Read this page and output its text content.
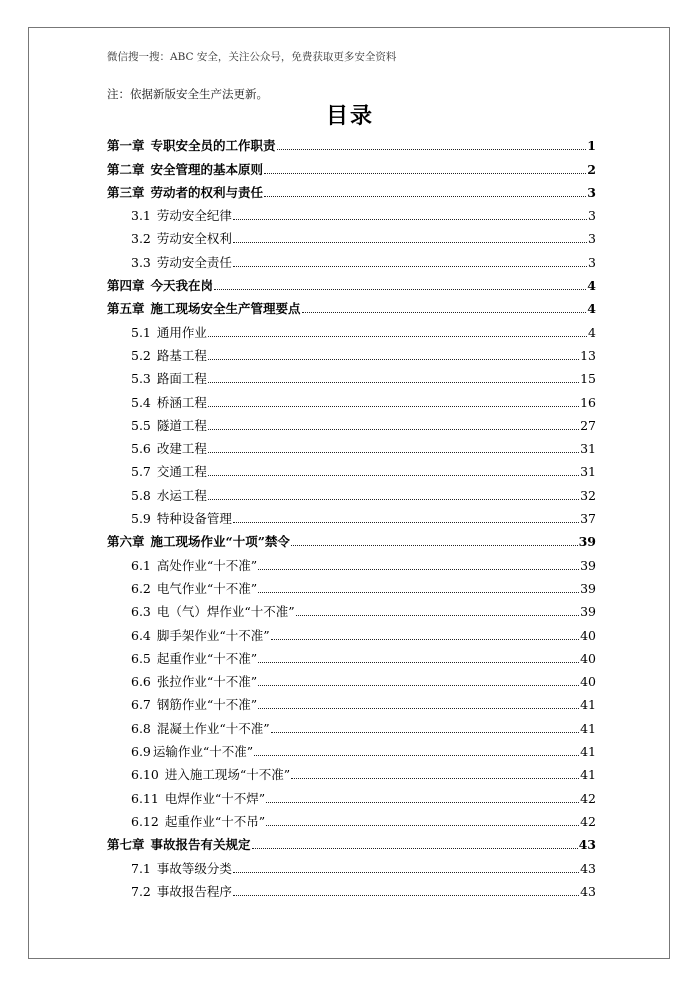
微信搜一搜：ABC 安全，关注公众号，免费获取更多安全资料
注：依据新版安全生产法更新。
目录
第一章 专职安全员的工作职责	1
第二章 安全管理的基本原则	2
第三章 劳动者的权利与责任	3
3.1 劳动安全纪律	3
3.2 劳动安全权利	3
3.3 劳动安全责任	3
第四章 今天我在岗	4
第五章 施工现场安全生产管理要点	4
5.1 通用作业	4
5.2 路基工程	13
5.3 路面工程	15
5.4 桥涵工程	16
5.5 隧道工程	27
5.6 改建工程	31
5.7 交通工程	31
5.8 水运工程	32
5.9 特种设备管理	37
第六章 施工现场作业“十项”禁令	39
6.1 高处作业“十不准”	39
6.2 电气作业“十不准”	39
6.3 电（气）焊作业“十不准”	39
6.4 脚手架作业“十不准”	40
6.5 起重作业“十不准”	40
6.6 张拉作业“十不准”	40
6.7 钢筋作业“十不准”	41
6.8 混凝土作业“十不准”	41
6.9 运输作业“十不准”	41
6.10 进入施工现场“十不准”	41
6.11 电焊作业“十不焊”	42
6.12 起重作业“十不吊”	42
第七章 事故报告有关规定	43
7.1 事故等级分类	43
7.2 事故报告程序	43
